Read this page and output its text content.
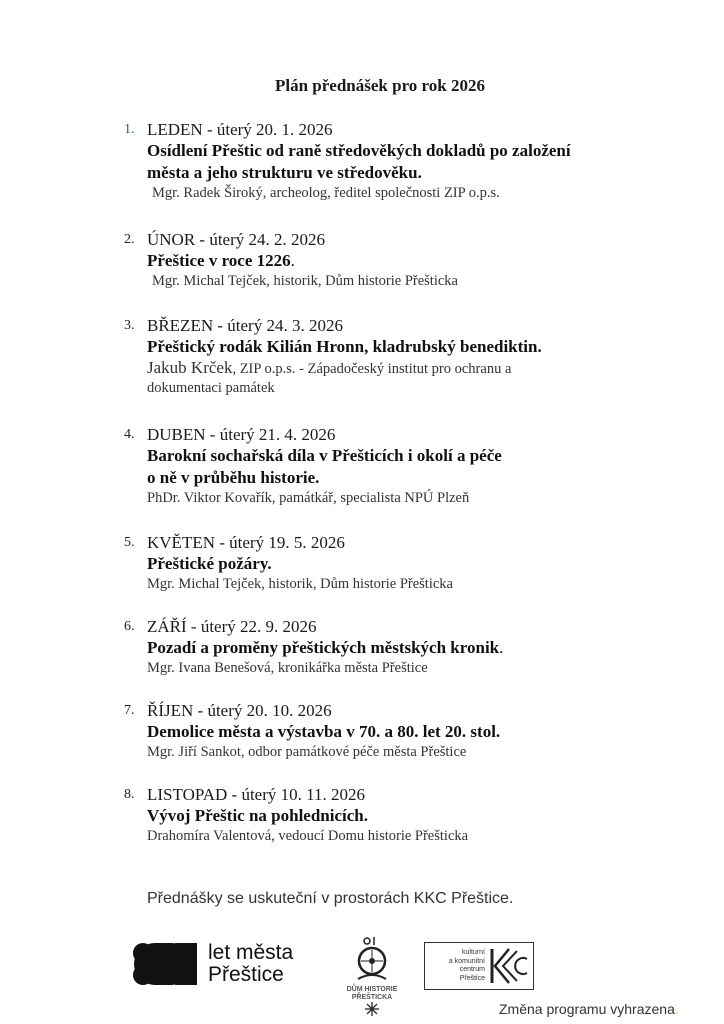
Plán přednášek pro rok 2026
1. LEDEN - úterý 20. 1. 2026
Osídlení Přeštic od raně středověkých dokladů po založení
města a jeho strukturu ve středověku.
Mgr. Radek Široký, archeolog, ředitel společnosti ZIP o.p.s.
2. ÚNOR - úterý 24. 2. 2026
Přeštice v roce 1226.
Mgr. Michal Tejček, historik, Dům historie Přešticka
3. BŘEZEN - úterý 24. 3. 2026
Přeštický rodák Kilián Hronn, kladrubský benediktin.
Jakub Krček, ZIP o.p.s. - Západočeský institut pro ochranu a
dokumentaci památek
4. DUBEN - úterý 21. 4. 2026
Barokní sochařská díla v Přešticích i okolí a péče
o ně v průběhu historie.
PhDr. Viktor Kovařík, památkář, specialista NPÚ Plzeň
5. KVĚTEN - úterý 19. 5. 2026
Přeštické požáry.
Mgr. Michal Tejček, historik, Dům historie Přešticka
6. ZÁŘÍ - úterý 22. 9. 2026
Pozadí a proměny přeštických městských kronik.
Mgr. Ivana Benešová, kronikářka města Přeštice
7. ŘÍJEN - úterý 20. 10. 2026
Demolice města a výstavba v 70. a 80. let 20. stol.
Mgr. Jiří Sankot, odbor památkové péče města Přeštice
8. LISTOPAD - úterý 10. 11. 2026
Vývoj Přeštic na pohlednicích.
Drahomíra Valentová, vedoucí Domu historie Přešticka
Přednášky se uskuteční v prostorách KKC Přeštice.
let města
Přeštice
DŮM HISTORIE
PŘEŠTICKA
kulturní
a komunitní
centrum
Přeštice
Změna programu vyhrazena.
